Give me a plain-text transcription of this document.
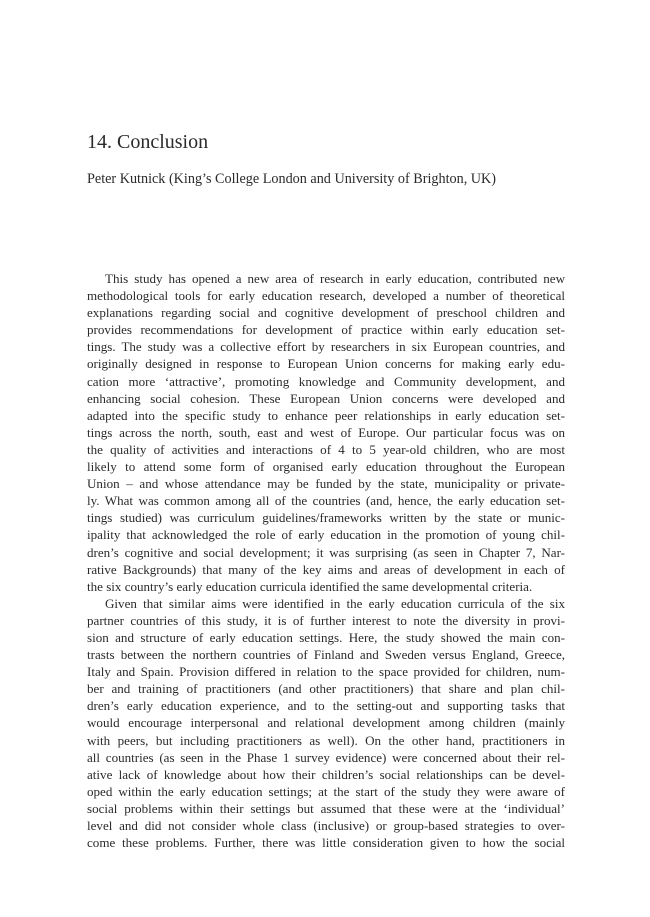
14. Conclusion

Peter Kutnick (King’s College London and University of Brighton, UK)

This study has opened a new area of research in early education, contributed new
methodological tools for early education research, developed a number of theoretical
explanations regarding social and cognitive development of preschool children and
provides recommendations for development of practice within early education set-
tings. The study was a collective effort by researchers in six European countries, and
originally designed in response to European Union concerns for making early edu-
cation more ‘attractive’, promoting knowledge and Community development, and
enhancing social cohesion. These European Union concerns were developed and
adapted into the specific study to enhance peer relationships in early education set-
tings across the north, south, east and west of Europe. Our particular focus was on
the quality of activities and interactions of 4 to 5 year-old children, who are most
likely to attend some form of organised early education throughout the European
Union – and whose attendance may be funded by the state, municipality or private-
ly. What was common among all of the countries (and, hence, the early education set-
tings studied) was curriculum guidelines/frameworks written by the state or munic-
ipality that acknowledged the role of early education in the promotion of young chil-
dren’s cognitive and social development; it was surprising (as seen in Chapter 7, Nar-
rative Backgrounds) that many of the key aims and areas of development in each of
the six country’s early education curricula identified the same developmental criteria.

Given that similar aims were identified in the early education curricula of the six
partner countries of this study, it is of further interest to note the diversity in provi-
sion and structure of early education settings. Here, the study showed the main con-
trasts between the northern countries of Finland and Sweden versus England, Greece,
Italy and Spain. Provision differed in relation to the space provided for children, num-
ber and training of practitioners (and other practitioners) that share and plan chil-
dren’s early education experience, and to the setting-out and supporting tasks that
would encourage interpersonal and relational development among children (mainly
with peers, but including practitioners as well). On the other hand, practitioners in
all countries (as seen in the Phase 1 survey evidence) were concerned about their rel-
ative lack of knowledge about how their children’s social relationships can be devel-
oped within the early education settings; at the start of the study they were aware of
social problems within their settings but assumed that these were at the ‘individual’
level and did not consider whole class (inclusive) or group-based strategies to over-
come these problems. Further, there was little consideration given to how the social
